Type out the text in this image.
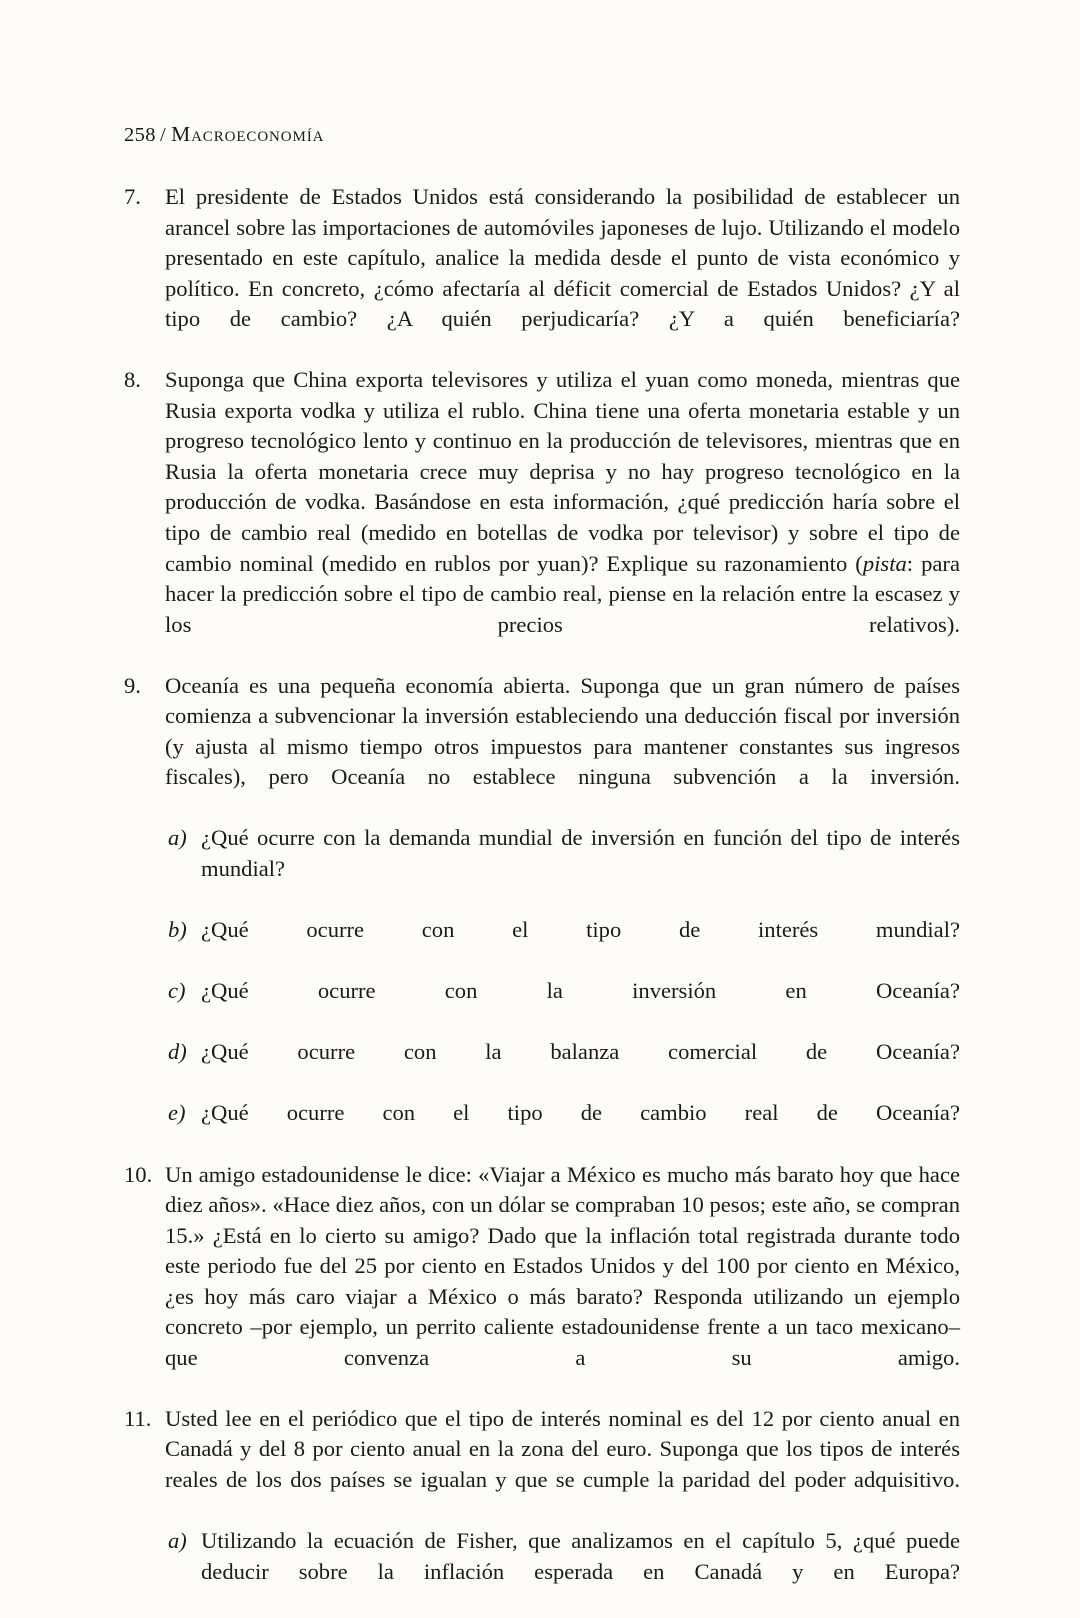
258 / Macroeconomía
7.	El presidente de Estados Unidos está considerando la posibilidad de establecer un arancel sobre las importaciones de automóviles japoneses de lujo. Utilizando el modelo presentado en este capítulo, analice la medida desde el punto de vista económico y político. En concreto, ¿cómo afectaría al déficit comercial de Estados Unidos? ¿Y al tipo de cambio? ¿A quién perjudicaría? ¿Y a quién beneficiaría?
8.	Suponga que China exporta televisores y utiliza el yuan como moneda, mientras que Rusia exporta vodka y utiliza el rublo. China tiene una oferta monetaria estable y un progreso tecnológico lento y continuo en la producción de televisores, mientras que en Rusia la oferta monetaria crece muy deprisa y no hay progreso tecnológico en la producción de vodka. Basándose en esta información, ¿qué predicción haría sobre el tipo de cambio real (medido en botellas de vodka por televisor) y sobre el tipo de cambio nominal (medido en rublos por yuan)? Explique su razonamiento (pista: para hacer la predicción sobre el tipo de cambio real, piense en la relación entre la escasez y los precios relativos).
9.	Oceanía es una pequeña economía abierta. Suponga que un gran número de países comienza a subvencionar la inversión estableciendo una deducción fiscal por inversión (y ajusta al mismo tiempo otros impuestos para mantener constantes sus ingresos fiscales), pero Oceanía no establece ninguna subvención a la inversión.
a) ¿Qué ocurre con la demanda mundial de inversión en función del tipo de interés mundial?
b) ¿Qué ocurre con el tipo de interés mundial?
c) ¿Qué ocurre con la inversión en Oceanía?
d) ¿Qué ocurre con la balanza comercial de Oceanía?
e) ¿Qué ocurre con el tipo de cambio real de Oceanía?
10. Un amigo estadounidense le dice: «Viajar a México es mucho más barato hoy que hace diez años». «Hace diez años, con un dólar se compraban 10 pesos; este año, se compran 15.» ¿Está en lo cierto su amigo? Dado que la inflación total registrada durante todo este periodo fue del 25 por ciento en Estados Unidos y del 100 por ciento en México, ¿es hoy más caro viajar a México o más barato? Responda utilizando un ejemplo concreto –por ejemplo, un perrito caliente estadounidense frente a un taco mexicano– que convenza a su amigo.
11. Usted lee en el periódico que el tipo de interés nominal es del 12 por ciento anual en Canadá y del 8 por ciento anual en la zona del euro. Suponga que los tipos de interés reales de los dos países se igualan y que se cumple la paridad del poder adquisitivo.
a) Utilizando la ecuación de Fisher, que analizamos en el capítulo 5, ¿qué puede deducir sobre la inflación esperada en Canadá y en Europa?
